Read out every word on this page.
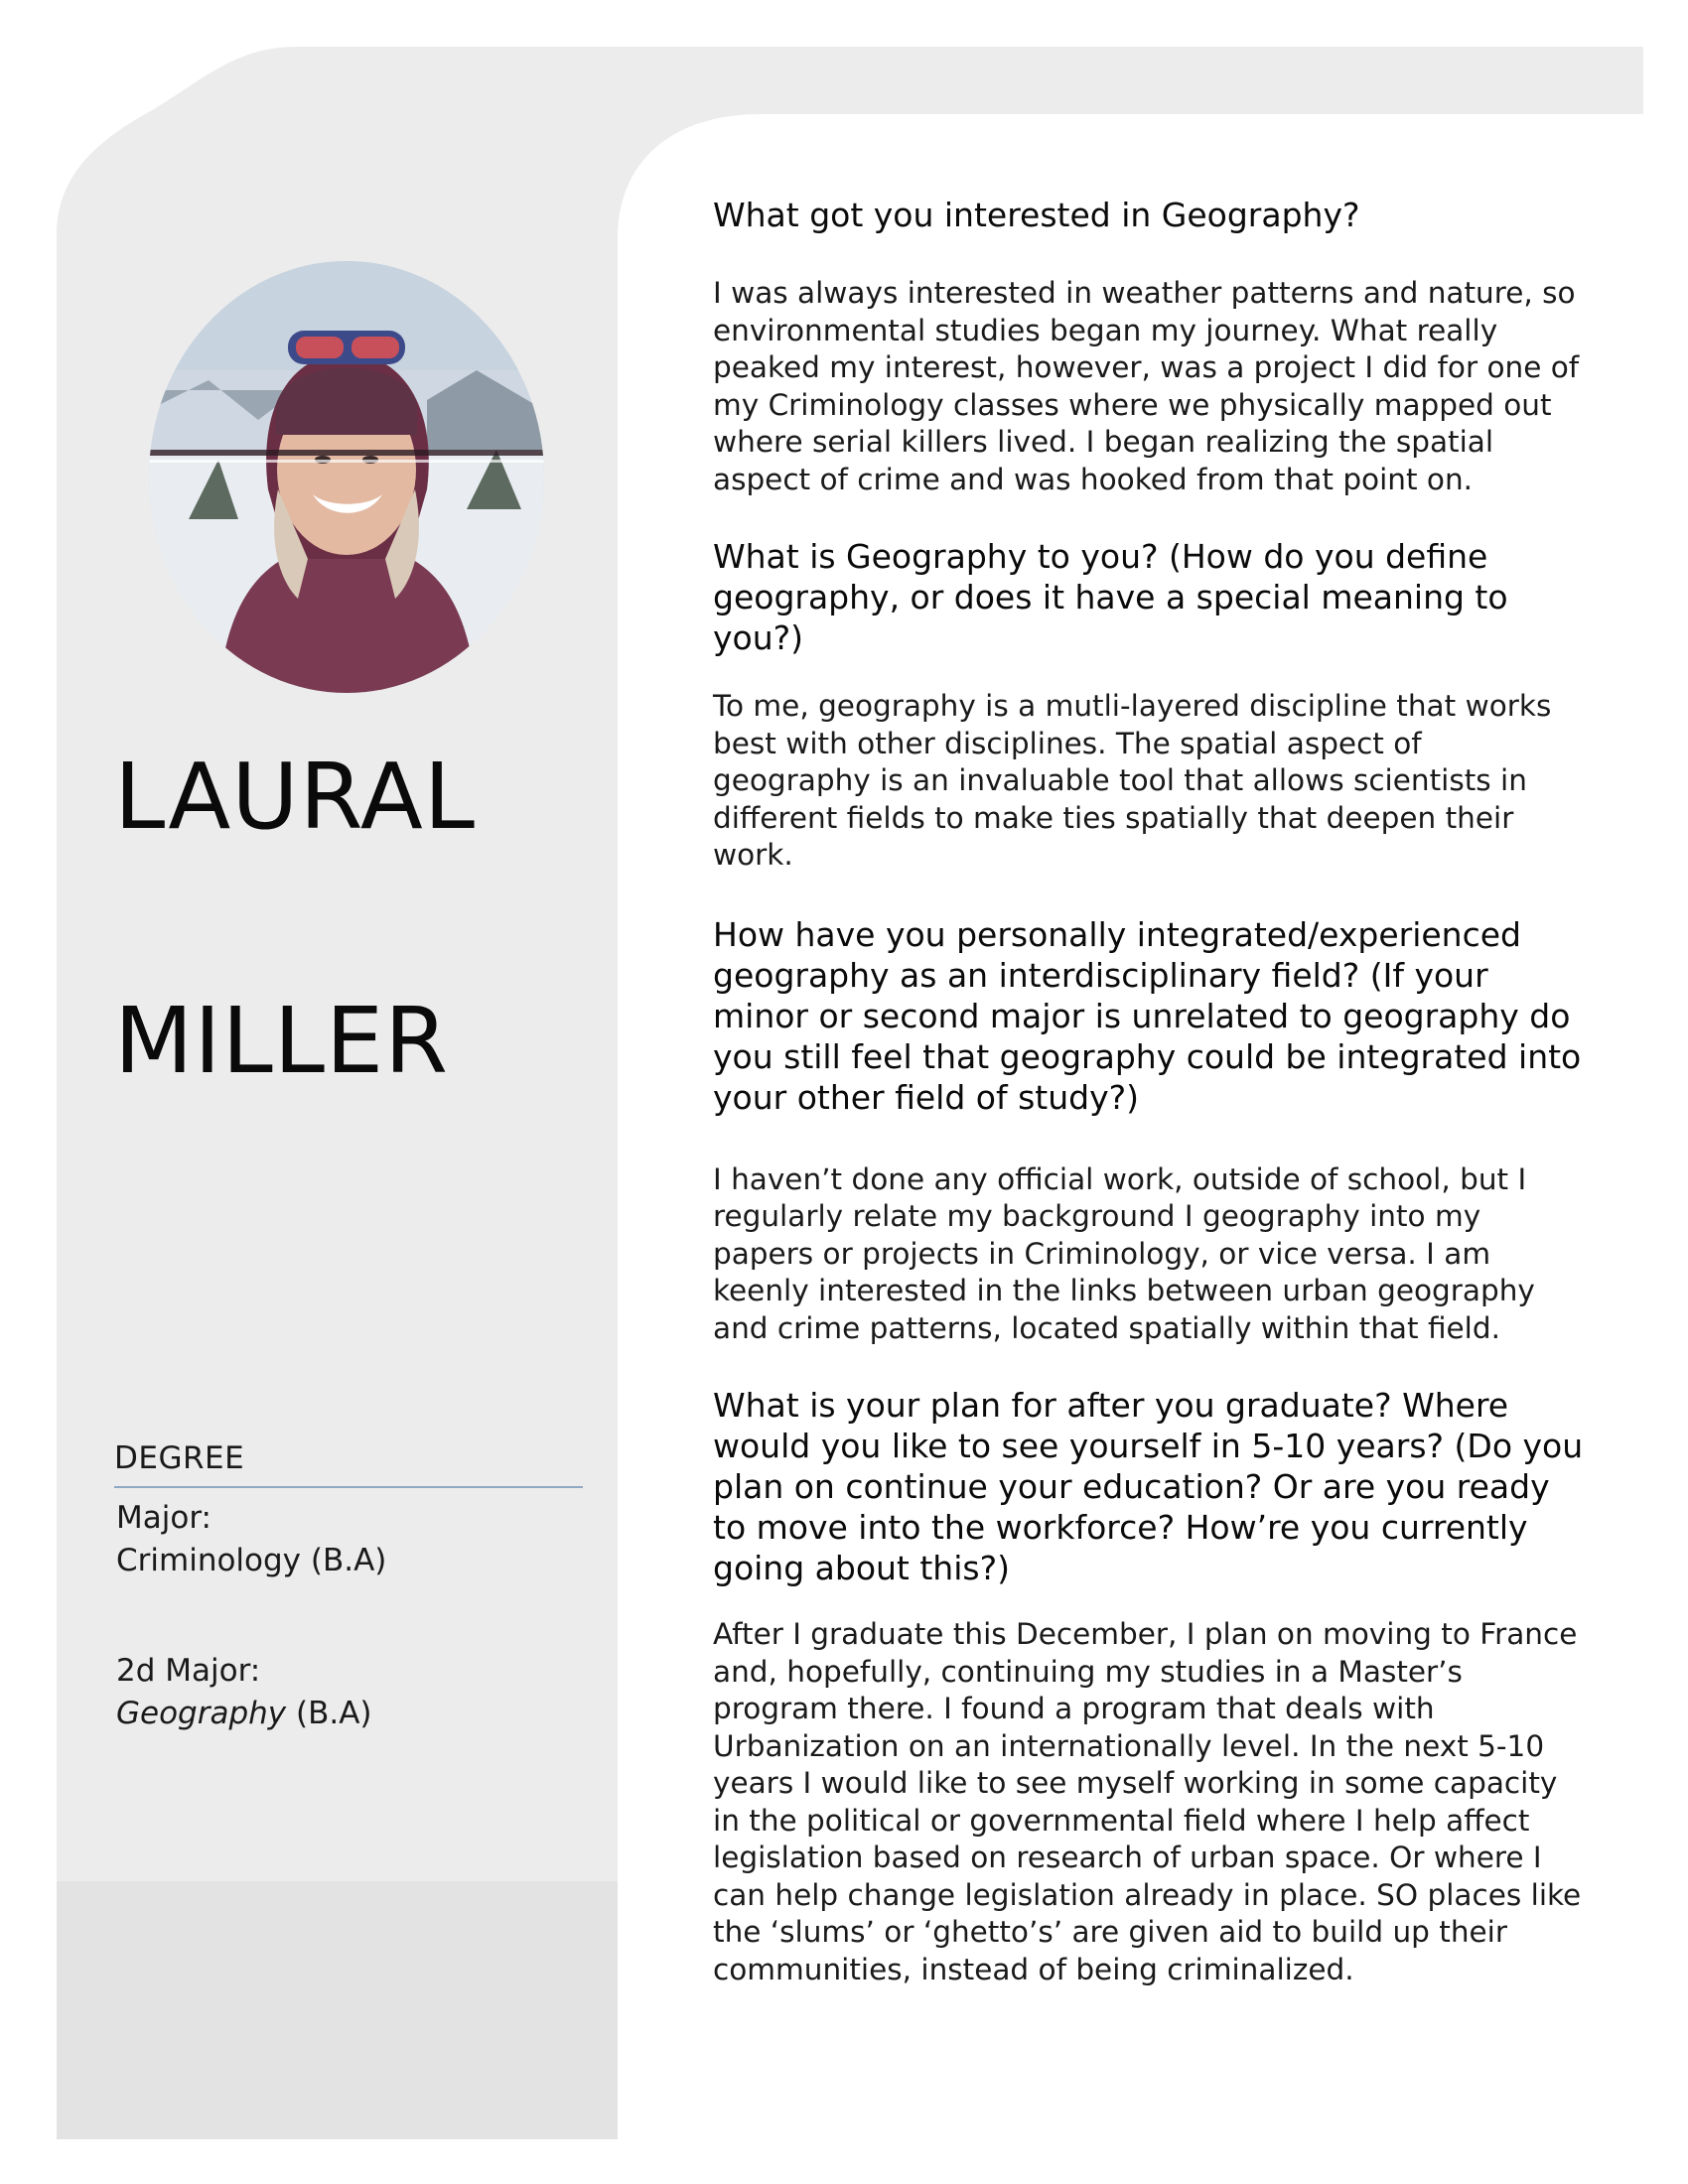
LAURAL
MILLER
DEGREE
Major:
Criminology (B.A)
2d Major:
Geography (B.A)

What got you interested in Geography?

I was always interested in weather patterns and nature, so environmental studies began my journey. What really peaked my interest, however, was a project I did for one of my Criminology classes where we physically mapped out where serial killers lived. I began realizing the spatial aspect of crime and was hooked from that point on.

What is Geography to you? (How do you define geography, or does it have a special meaning to you?)

To me, geography is a mutli-layered discipline that works best with other disciplines. The spatial aspect of geography is an invaluable tool that allows scientists in different fields to make ties spatially that deepen their work.

How have you personally integrated/experienced geography as an interdisciplinary field? (If your minor or second major is unrelated to geography do you still feel that geography could be integrated into your other field of study?)

I haven’t done any official work, outside of school, but I regularly relate my background I geography into my papers or projects in Criminology, or vice versa. I am keenly interested in the links between urban geography and crime patterns, located spatially within that field.

What is your plan for after you graduate? Where would you like to see yourself in 5-10 years? (Do you plan on continue your education? Or are you ready to move into the workforce? How’re you currently going about this?)

After I graduate this December, I plan on moving to France and, hopefully, continuing my studies in a Master’s program there. I found a program that deals with Urbanization on an internationally level. In the next 5-10 years I would like to see myself working in some capacity in the political or governmental field where I help affect legislation based on research of urban space. Or where I can help change legislation already in place. SO places like the ‘slums’ or ‘ghetto’s’ are given aid to build up their communities, instead of being criminalized.
